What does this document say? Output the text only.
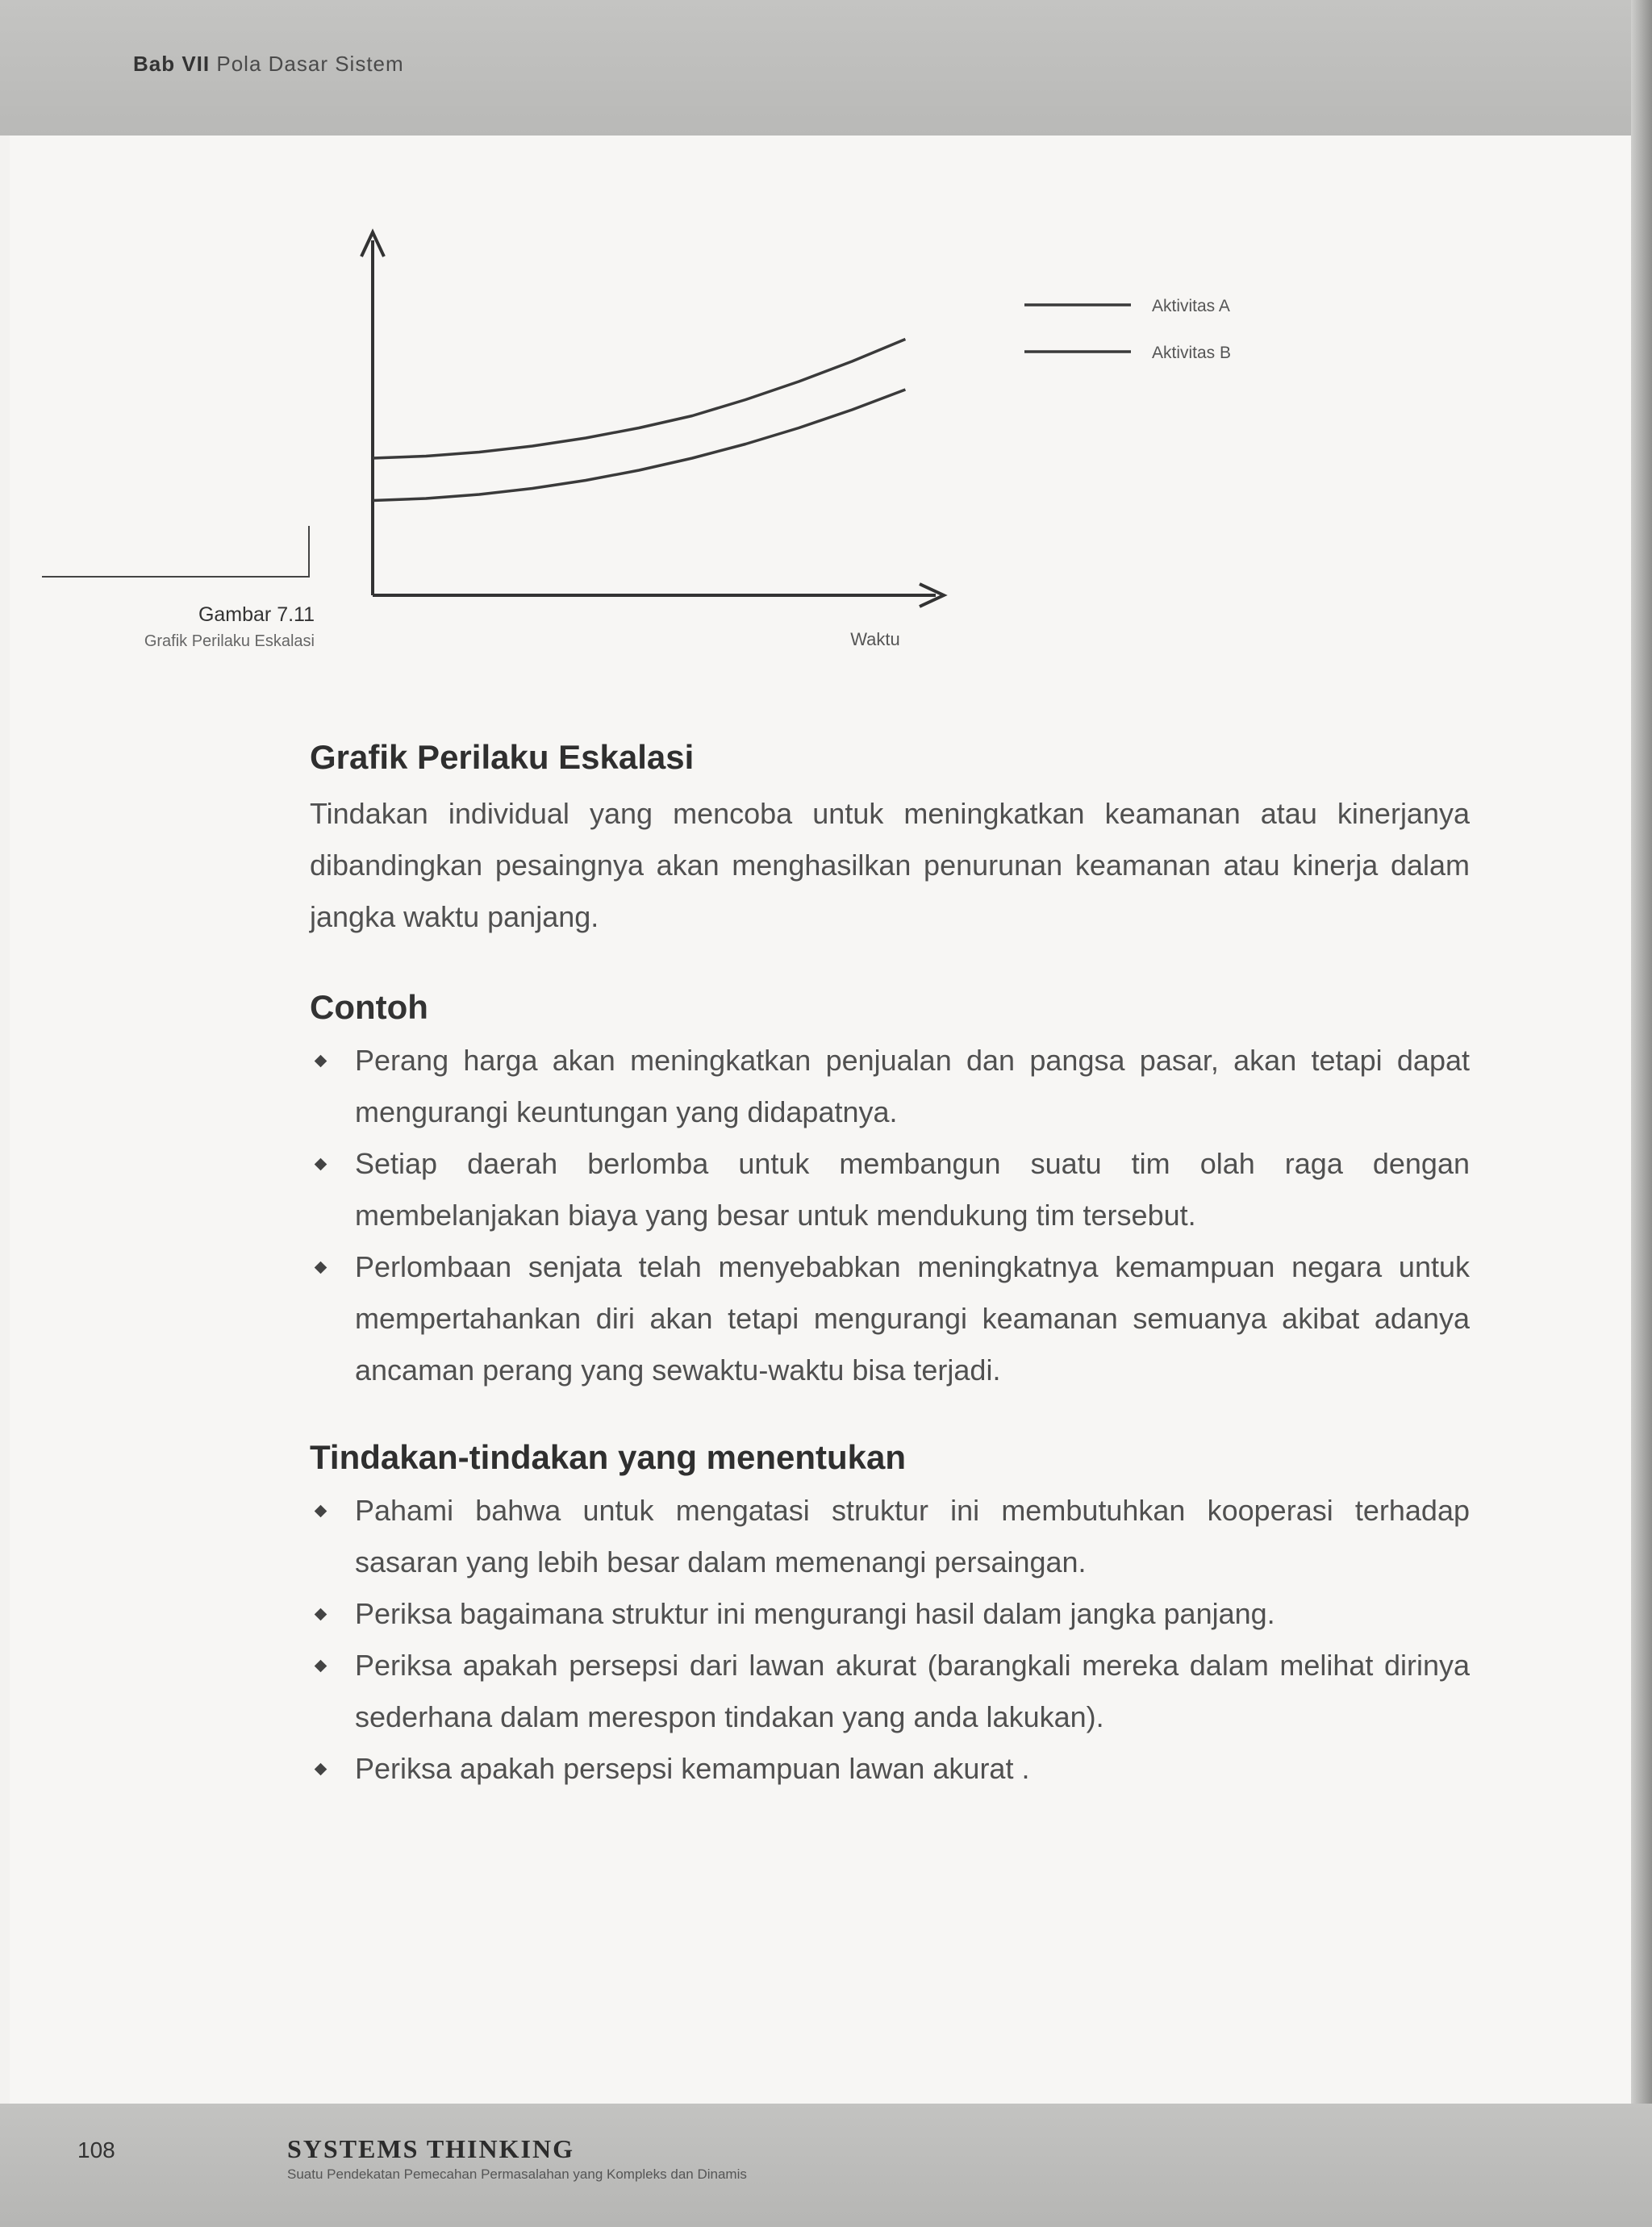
Bab VII Pola Dasar Sistem
Waktu
Aktivitas A
Aktivitas B
Gambar 7.11
Grafik Perilaku Eskalasi
Grafik Perilaku Eskalasi

Tindakan individual yang mencoba untuk meningkatkan keamanan atau kinerjanya dibandingkan pesaingnya akan menghasilkan penurunan keamanan atau kinerja dalam jangka waktu panjang.

Contoh
Perang harga akan meningkatkan penjualan dan pangsa pasar, akan tetapi dapat mengurangi keuntungan yang didapatnya.
Setiap daerah berlomba untuk membangun suatu tim olah raga dengan membelanjakan biaya yang besar untuk mendukung tim tersebut.
Perlombaan senjata telah menyebabkan meningkatnya kemampuan negara untuk mempertahankan diri akan tetapi mengurangi keamanan semuanya akibat adanya ancaman perang yang sewaktu-waktu bisa terjadi.
Tindakan-tindakan yang menentukan
Pahami bahwa untuk mengatasi struktur ini membutuhkan kooperasi terhadap sasaran yang lebih besar dalam memenangi persaingan.
Periksa bagaimana struktur ini mengurangi hasil dalam jangka panjang.
Periksa apakah persepsi dari lawan akurat (barangkali mereka dalam melihat dirinya sederhana dalam merespon tindakan yang anda lakukan).
Periksa apakah persepsi kemampuan lawan akurat .
108	SYSTEMS THINKING
Suatu Pendekatan Pemecahan Permasalahan yang Kompleks dan Dinamis
